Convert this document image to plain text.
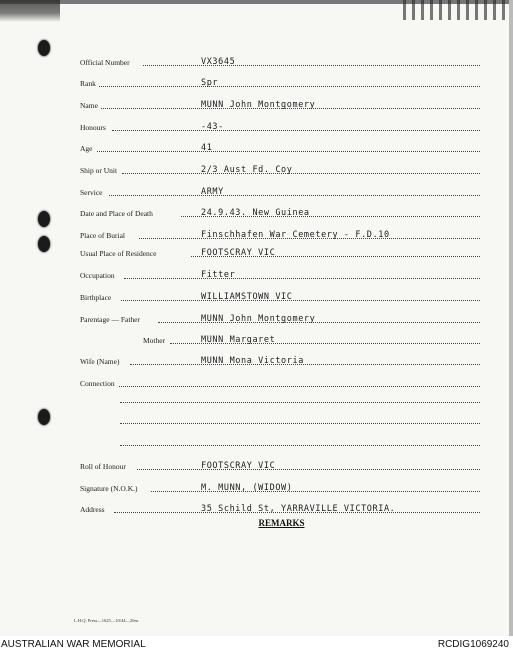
Official Number	VX3645
Rank	Spr
Name	MUNN John Montgomery
Honours	-43-
Age	41
Ship or Unit	2/3 Aust Fd. Coy
Service	ARMY
Date and Place of Death	24.9.43. New Guinea
Place of Burial	Finschhafen War Cemetery - F.D.10
Usual Place of Residence	FOOTSCRAY VIC
Occupation	Fitter
Birthplace	WILLIAMSTOWN VIC
Parentage — Father	MUNN John Montgomery
Mother	MUNN Margaret
Wife (Name)	MUNN Mona Victoria
Connection
Roll of Honour	FOOTSCRAY VIC
Signature (N.O.K.)	M. MUNN, (WIDOW)
Address	35 Schild St, YARRAVILLE VICTORIA.
REMARKS
L.H.Q. Press—1625—10/44—20m.
AUSTRALIAN WAR MEMORIAL	RCDIG1069240
